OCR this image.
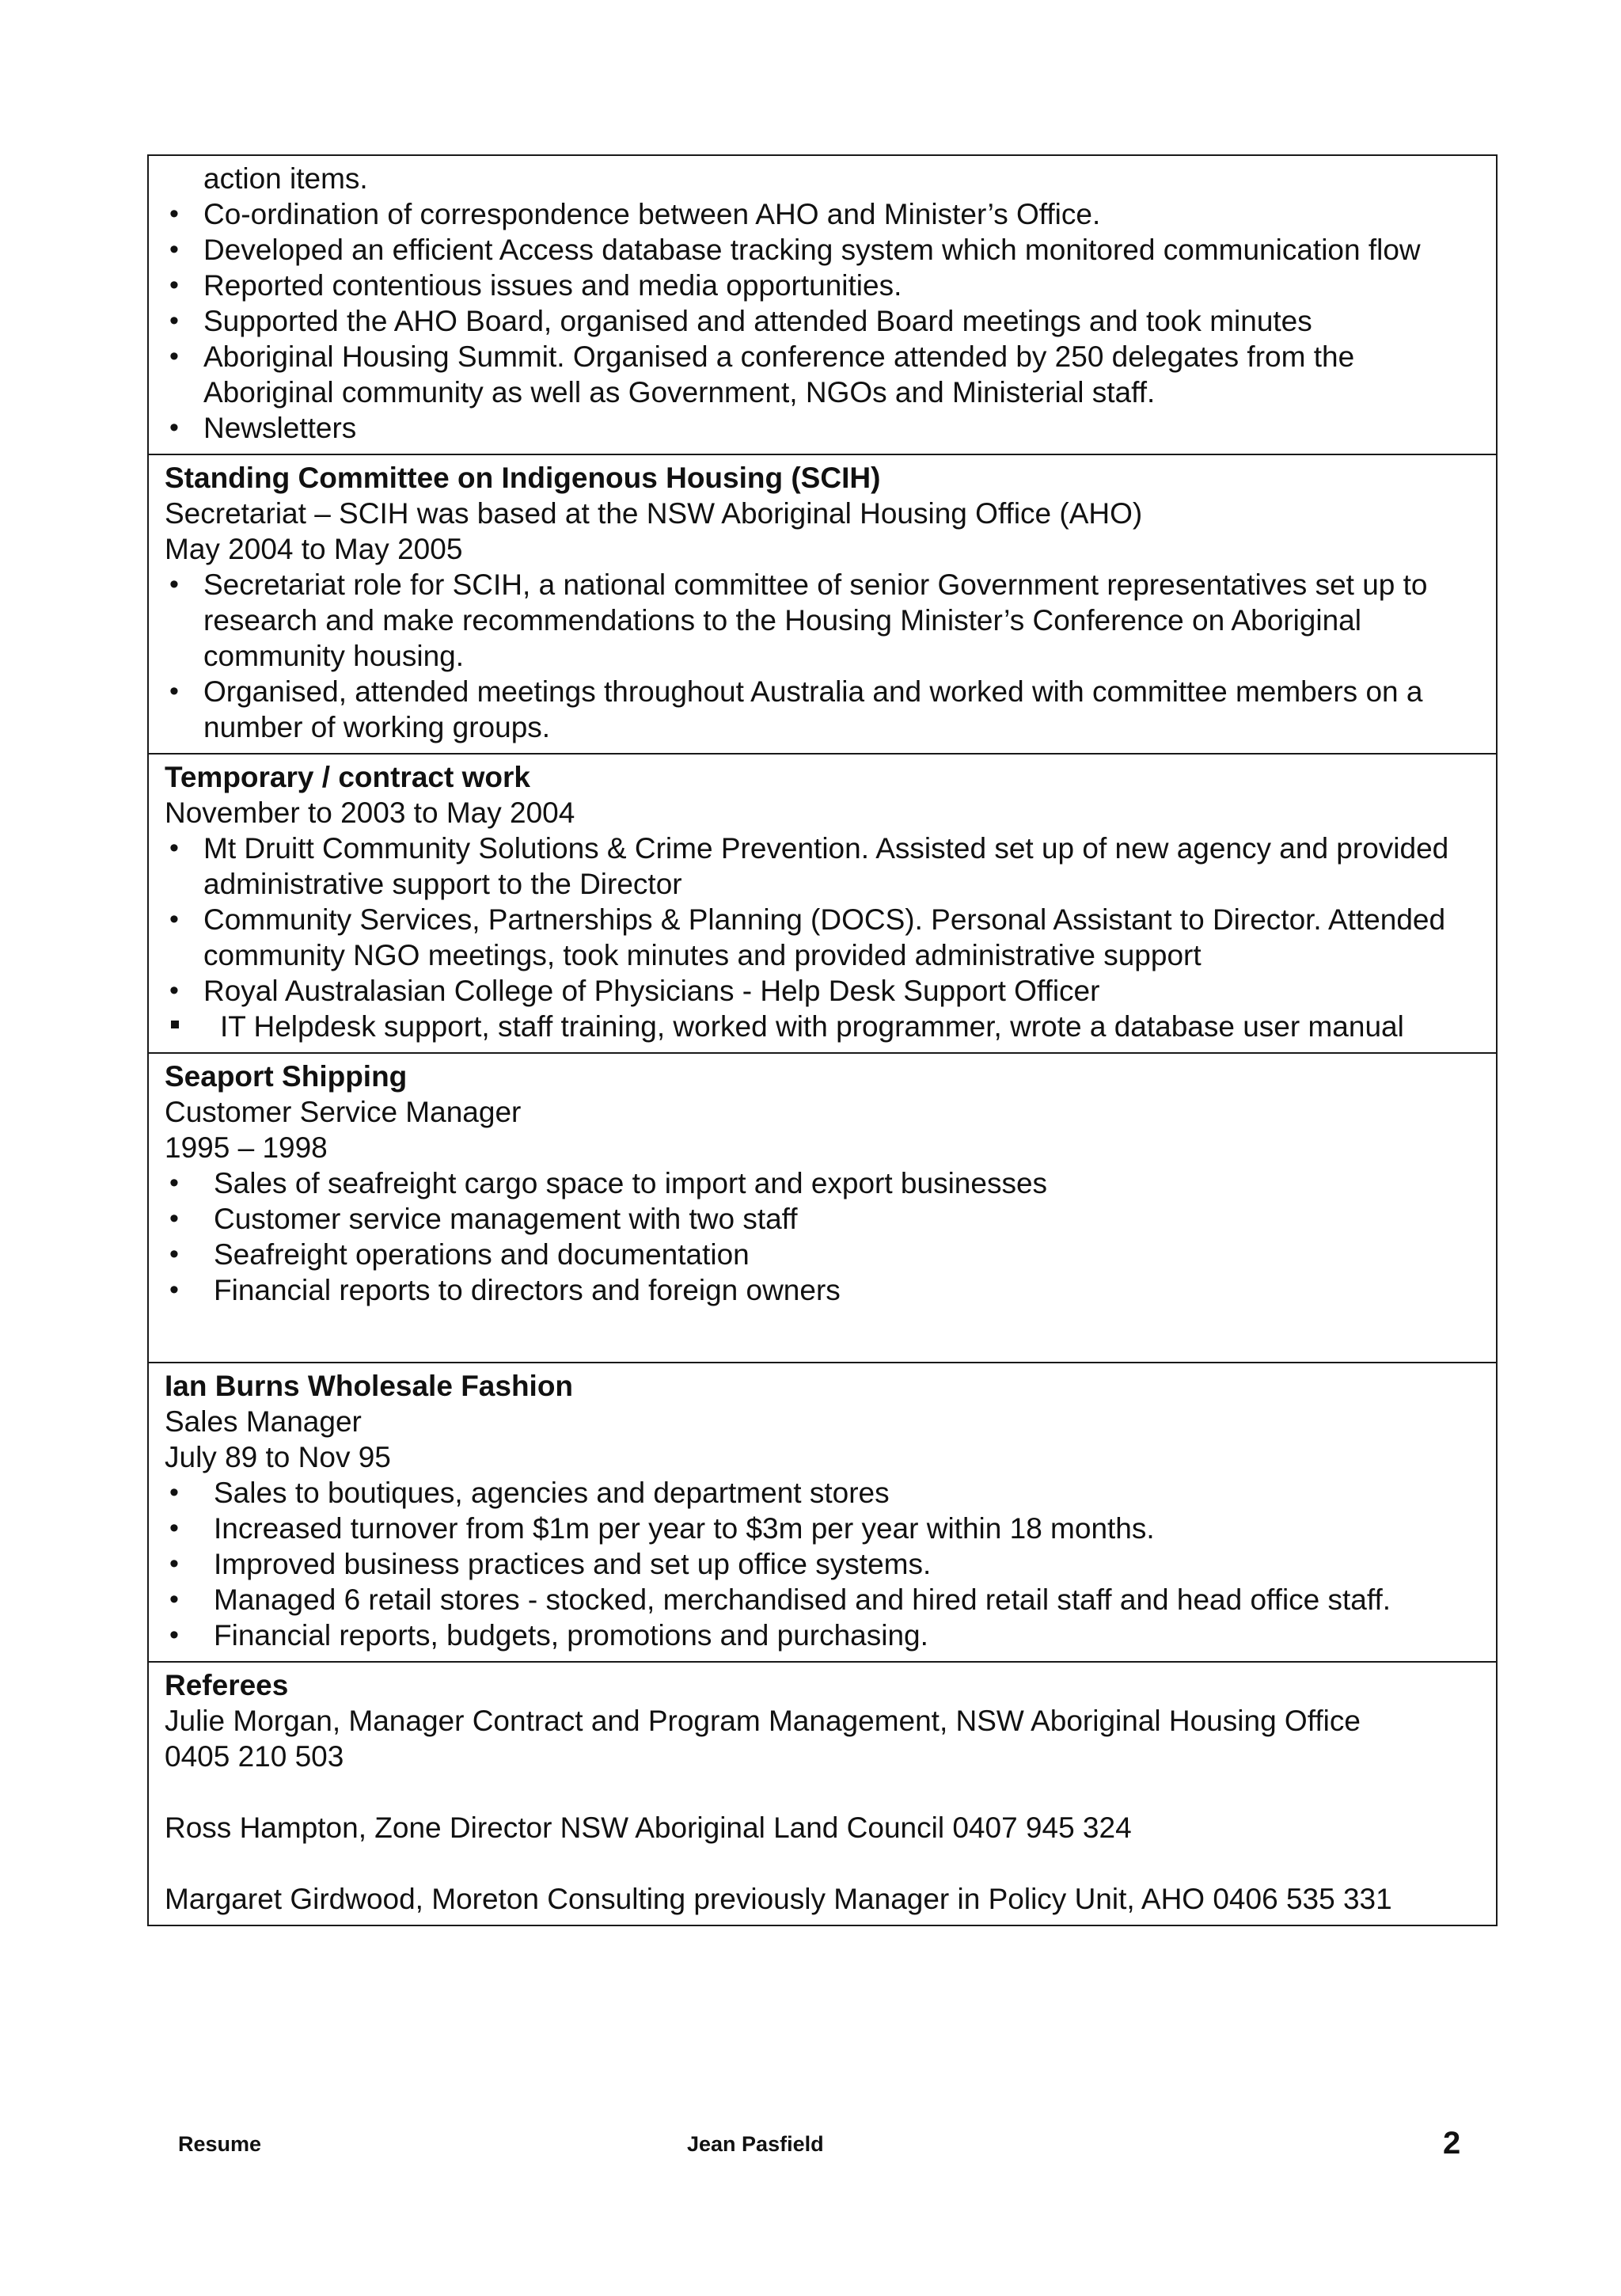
action items.

• Co-ordination of correspondence between AHO and Minister’s Office.
• Developed an efficient Access database tracking system which monitored communication flow
• Reported contentious issues and media opportunities.
• Supported the AHO Board, organised and attended Board meetings and took minutes
• Aboriginal Housing Summit. Organised a conference attended by 250 delegates from the Aboriginal community as well as Government, NGOs and Ministerial staff.
• Newsletters

Standing Committee on Indigenous Housing (SCIH)

Secretariat – SCIH was based at the NSW Aboriginal Housing Office (AHO)

May 2004 to May 2005

• Secretariat role for SCIH, a national committee of senior Government representatives set up to research and make recommendations to the Housing Minister’s Conference on Aboriginal community housing.
• Organised, attended meetings throughout Australia and worked with committee members on a number of working groups.

Temporary / contract work

November to 2003 to May 2004

• Mt Druitt Community Solutions & Crime Prevention. Assisted set up of new agency and provided administrative support to the Director
• Community Services, Partnerships & Planning (DOCS). Personal Assistant to Director. Attended community NGO meetings, took minutes and provided administrative support
• Royal Australasian College of Physicians - Help Desk Support Officer
IT Helpdesk support, staff training, worked with programmer, wrote a database user manual

Seaport Shipping

Customer Service Manager

1995 – 1998

• Sales of seafreight cargo space to import and export businesses
• Customer service management with two staff
• Seafreight operations and documentation
• Financial reports to directors and foreign owners

Ian Burns Wholesale Fashion

Sales Manager

July 89 to Nov 95

• Sales to boutiques, agencies and department stores
• Increased turnover from $1m per year to $3m per year within 18 months.
• Improved business practices and set up office systems.
• Managed 6 retail stores - stocked, merchandised and hired retail staff and head office staff.
• Financial reports, budgets, promotions and purchasing.

Referees

Julie Morgan, Manager Contract and Program Management, NSW Aboriginal Housing Office

0405 210 503

Ross Hampton, Zone Director NSW Aboriginal Land Council 0407 945 324

Margaret Girdwood, Moreton Consulting previously Manager in Policy Unit, AHO 0406 535 331

Resume	Jean Pasfield	2
